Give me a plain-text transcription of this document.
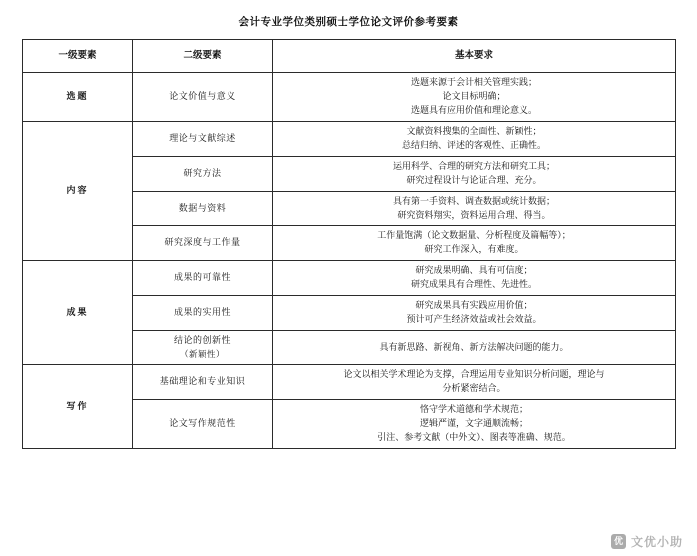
会计专业学位类别硕士学位论文评价参考要素
一级要素	二级要素	基本要求
选题	论文价值与意义	选题来源于会计相关管理实践；
论文目标明确；
选题具有应用价值和理论意义。

内容	理论与文献综述	文献资料搜集的全面性、新颖性；
总结归纳、评述的客观性、正确性。

	研究方法	运用科学、合理的研究方法和研究工具；
研究过程设计与论证合理、充分。

	数据与资料	具有第一手资料、调查数据或统计数据；
研究资料翔实，资料运用合理、得当。

	研究深度与工作量	工作量饱满（论文数据量、分析程度及篇幅等）；
研究工作深入，有难度。

成果	成果的可靠性	研究成果明确、具有可信度；
研究成果具有合理性、先进性。

	成果的实用性	研究成果具有实践应用价值；
预计可产生经济效益或社会效益。

	结论的创新性
（新颖性）	具有新思路、新视角、新方法解决问题的能力。

写作	基础理论和专业知识	论文以相关学术理论为支撑，合理运用专业知识分析问题，理论与
分析紧密结合。

	论文写作规范性	恪守学术道德和学术规范；
逻辑严谨，文字通顺流畅；
引注、参考文献（中外文）、图表等准确、规范。
优 文优小助
